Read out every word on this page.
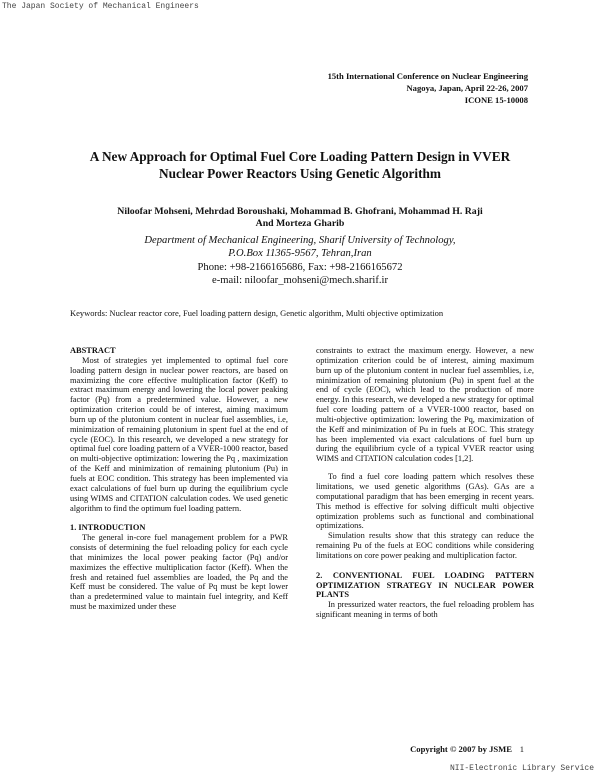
The Japan Society of Mechanical Engineers
15th International Conference on Nuclear Engineering
Nagoya, Japan, April 22-26, 2007
ICONE 15-10008
A New Approach for Optimal Fuel Core Loading Pattern Design in VVER
Nuclear Power Reactors Using Genetic Algorithm
Niloofar Mohseni, Mehrdad Boroushaki, Mohammad B. Ghofrani, Mohammad H. Raji
And Morteza Gharib
Department of Mechanical Engineering, Sharif University of Technology,
P.O.Box 11365-9567, Tehran,Iran
Phone: +98-2166165686, Fax: +98-2166165672
e-mail: niloofar_mohseni@mech.sharif.ir
Keywords: Nuclear reactor core, Fuel loading pattern design, Genetic algorithm, Multi objective optimization
ABSTRACT

Most of strategies yet implemented to optimal fuel core loading pattern design in nuclear power reactors, are based on maximizing the core effective multiplication factor (Keff) to extract maximum energy and lowering the local power peaking factor (Pq) from a predetermined value. However, a new optimization criterion could be of interest, aiming maximum burn up of the plutonium content in nuclear fuel assemblies, i.e, minimization of remaining plutonium in spent fuel at the end of cycle (EOC). In this research, we developed a new strategy for optimal fuel core loading pattern of a VVER-1000 reactor, based on multi-objective optimization: lowering the Pq , maximization of the Keff and minimization of remaining plutonium (Pu) in fuels at EOC condition. This strategy has been implemented via exact calculations of fuel burn up during the equilibrium cycle using WIMS and CITATION calculation codes. We used genetic algorithm to find the optimum fuel loading pattern.

1. INTRODUCTION

The general in-core fuel management problem for a PWR consists of determining the fuel reloading policy for each cycle that minimizes the local power peaking factor (Pq) and/or maximizes the effective multiplication factor (Keff). When the fresh and retained fuel assemblies are loaded, the Pq and the Keff must be considered. The value of Pq must be kept lower than a predetermined value to maintain fuel integrity, and Keff must be maximized under these

constraints to extract the maximum energy. However, a new optimization criterion could be of interest, aiming maximum burn up of the plutonium content in nuclear fuel assemblies, i.e, minimization of remaining plutonium (Pu) in spent fuel at the end of cycle (EOC), which lead to the production of more energy. In this research, we developed a new strategy for optimal fuel core loading pattern of a VVER-1000 reactor, based on multi-objective optimization: lowering the Pq, maximization of the Keff and minimization of Pu in fuels at EOC. This strategy has been implemented via exact calculations of fuel burn up during the equilibrium cycle of a typical VVER reactor using WIMS and CITATION calculation codes [1,2].

To find a fuel core loading pattern which resolves these limitations, we used genetic algorithms (GAs). GAs are a computational paradigm that has been emerging in recent years. This method is effective for solving difficult multi objective optimization problems such as functional and combinational optimizations.

Simulation results show that this strategy can reduce the remaining Pu of the fuels at EOC conditions while considering limitations on core power peaking and multiplication factor.

2. CONVENTIONAL FUEL LOADING PATTERN OPTIMIZATION STRATEGY IN NUCLEAR POWER PLANTS

In pressurized water reactors, the fuel reloading problem has significant meaning in terms of both

Copyright © 2007 by JSME 1
NII-Electronic Library Service
